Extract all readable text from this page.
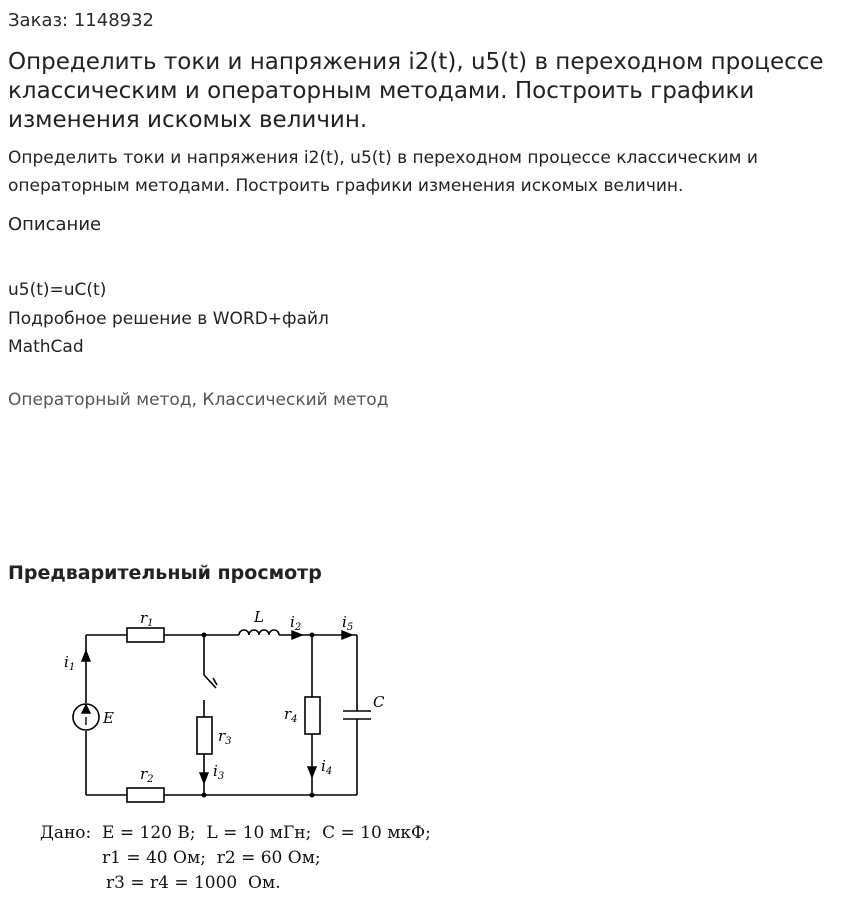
Заказ: 1148932
Определить токи и напряжения i2(t), u5(t) в переходном процессе классическим и операторным методами. Построить графики изменения искомых величин.
Определить токи и напряжения i2(t), u5(t) в переходном процессе классическим и операторным методами. Построить графики изменения искомых величин.
Описание
u5(t)=uC(t)
Подробное решение в WORD+файл
MathCad
Операторный метод, Классический метод
Предварительный просмотр
$r_1$	L $i_2$	$i_5$
$i_1$
E
$r_3$
$r_4$
C
$r_2$	$i_3$
$i_4$
Дано:  E = 120 В;  L = 10 мГн;  C = 10 мкФ;
r1 = 40 Ом;  r2 = 60 Ом;
r3 = r4 = 1000  Ом.
